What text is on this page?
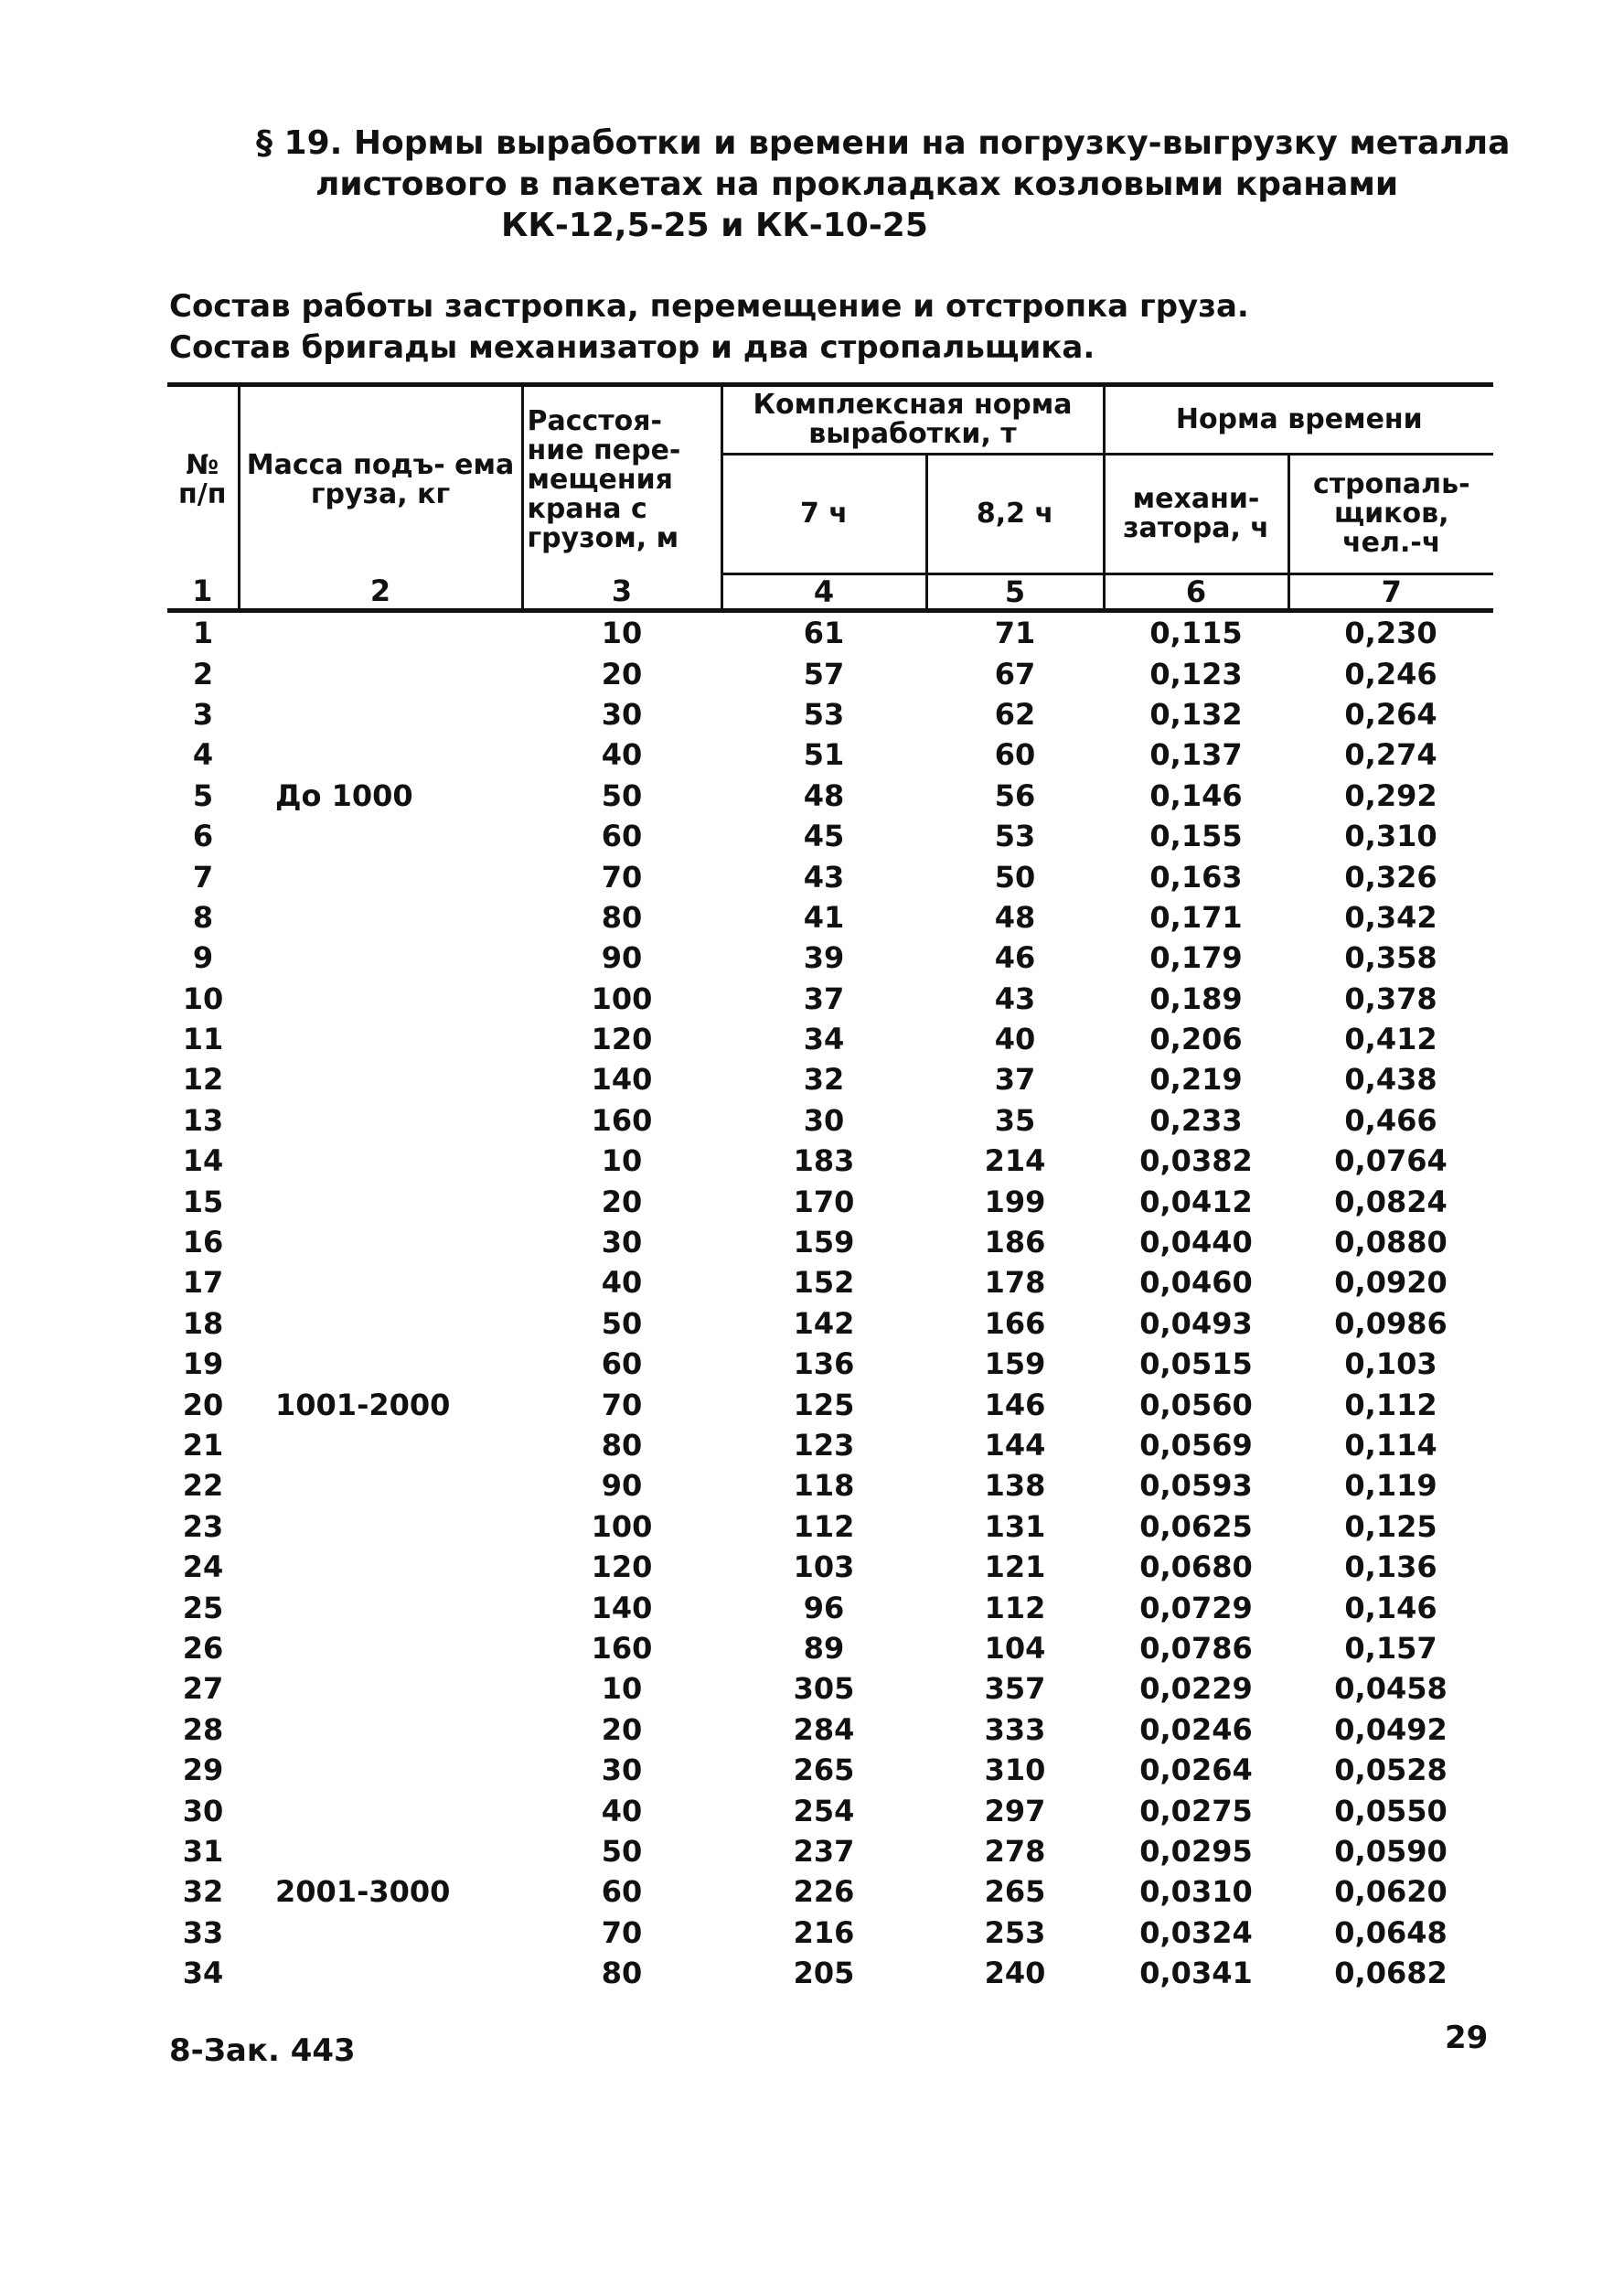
§ 19. Нормы выработки и времени на погрузку-выгрузку металла
листового в пакетах на прокладках козловыми кранами
КК-12,5-25 и КК-10-25
Состав работы застропка, перемещение и отстропка груза.
Состав бригады механизатор и два стропальщика.
№ п/п	Масса подъ- ема груза, кг	Расстоя- ние пере- мещения крана с грузом, м	Комплексная норма выработки, т		Норма времени	
			7 ч	8,2 ч	механи- затора, ч	стропаль- щиков, чел.-ч
1	2	3	4	5	6	7
1		10	61	71	0,115	0,230
2		20	57	67	0,123	0,246
3		30	53	62	0,132	0,264
4		40	51	60	0,137	0,274
5	До 1000	50	48	56	0,146	0,292
6		60	45	53	0,155	0,310
7		70	43	50	0,163	0,326
8		80	41	48	0,171	0,342
9		90	39	46	0,179	0,358
10		100	37	43	0,189	0,378
11		120	34	40	0,206	0,412
12		140	32	37	0,219	0,438
13		160	30	35	0,233	0,466
14		10	183	214	0,0382	0,0764
15		20	170	199	0,0412	0,0824
16		30	159	186	0,0440	0,0880
17		40	152	178	0,0460	0,0920
18		50	142	166	0,0493	0,0986
19		60	136	159	0,0515	0,103
20	1001-2000	70	125	146	0,0560	0,112
21		80	123	144	0,0569	0,114
22		90	118	138	0,0593	0,119
23		100	112	131	0,0625	0,125
24		120	103	121	0,0680	0,136
25		140	96	112	0,0729	0,146
26		160	89	104	0,0786	0,157
27		10	305	357	0,0229	0,0458
28		20	284	333	0,0246	0,0492
29		30	265	310	0,0264	0,0528
30		40	254	297	0,0275	0,0550
31		50	237	278	0,0295	0,0590
32	2001-3000	60	226	265	0,0310	0,0620
33		70	216	253	0,0324	0,0648
34		80	205	240	0,0341	0,0682
8-Зак. 443	29
